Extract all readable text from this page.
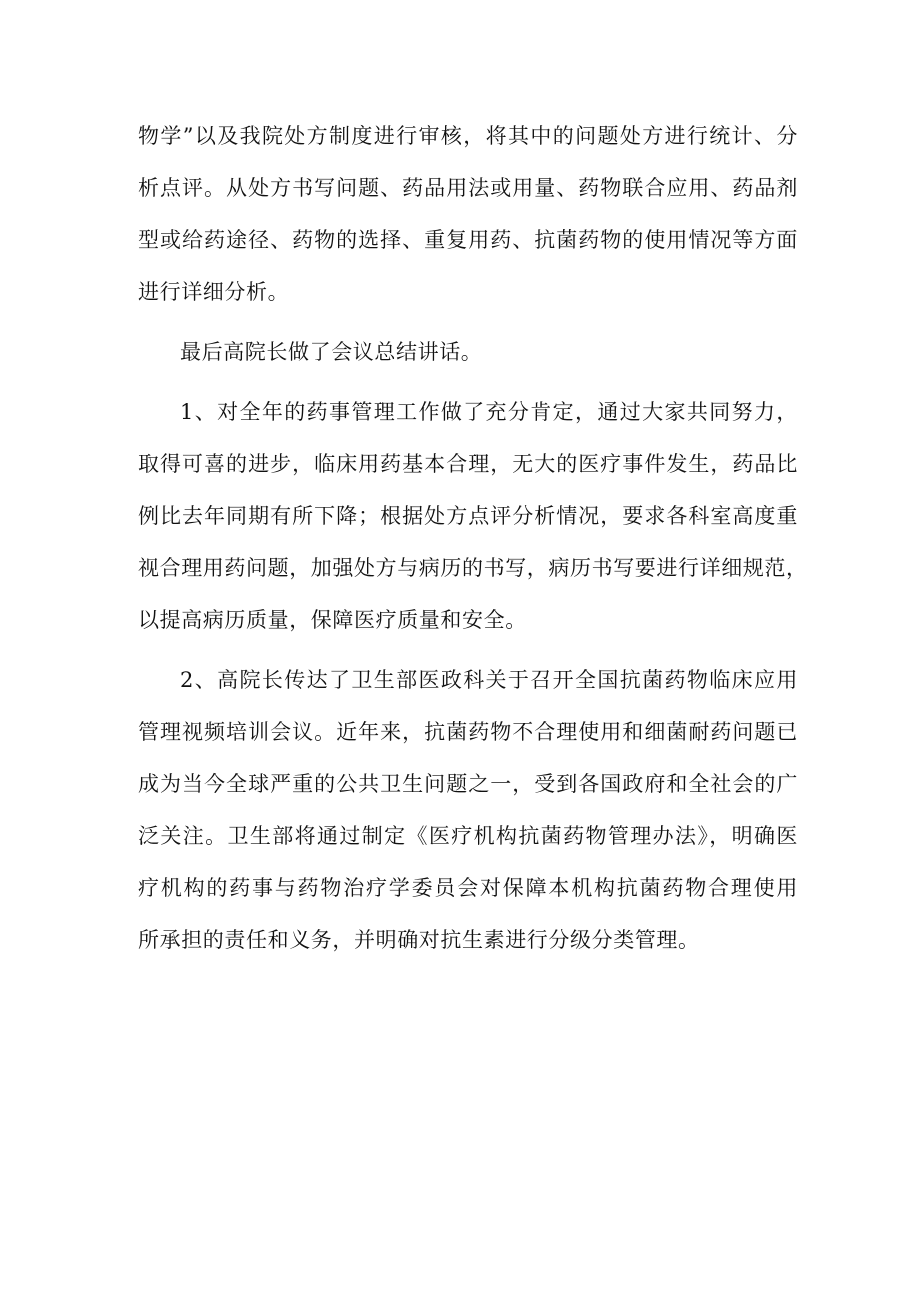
物学”以及我院处方制度进行审核，将其中的问题处方进行统计、分
析点评。从处方书写问题、药品用法或用量、药物联合应用、药品剂
型或给药途径、药物的选择、重复用药、抗菌药物的使用情况等方面
进行详细分析。
最后高院长做了会议总结讲话。
1、对全年的药事管理工作做了充分肯定，通过大家共同努力，
取得可喜的进步，临床用药基本合理，无大的医疗事件发生，药品比
例比去年同期有所下降；根据处方点评分析情况，要求各科室高度重
视合理用药问题，加强处方与病历的书写，病历书写要进行详细规范，
以提高病历质量，保障医疗质量和安全。
2、高院长传达了卫生部医政科关于召开全国抗菌药物临床应用
管理视频培训会议。近年来，抗菌药物不合理使用和细菌耐药问题已
成为当今全球严重的公共卫生问题之一，受到各国政府和全社会的广
泛关注。卫生部将通过制定《医疗机构抗菌药物管理办法》，明确医
疗机构的药事与药物治疗学委员会对保障本机构抗菌药物合理使用
所承担的责任和义务，并明确对抗生素进行分级分类管理。
